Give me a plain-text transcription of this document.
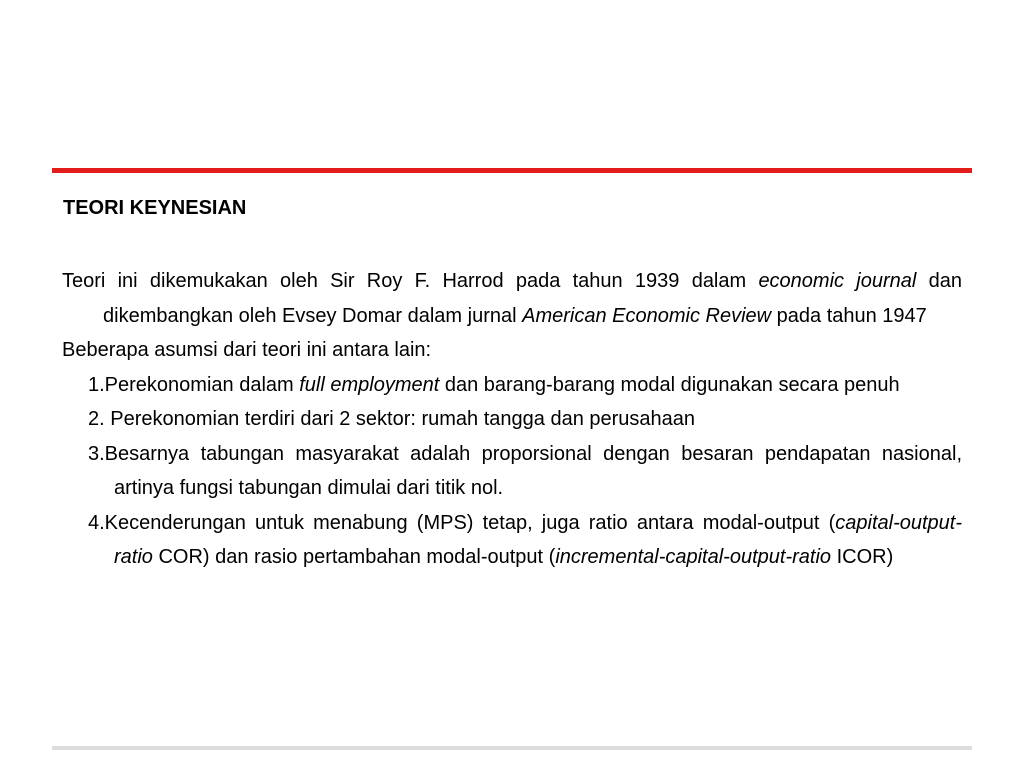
TEORI KEYNESIAN

Teori ini dikemukakan oleh Sir Roy F. Harrod pada tahun 1939 dalam economic journal dan dikembangkan oleh Evsey Domar dalam jurnal American Economic Review pada tahun 1947

Beberapa asumsi dari teori ini antara lain:

1.Perekonomian dalam full employment dan barang-barang modal digunakan secara penuh

2. Perekonomian terdiri dari 2 sektor: rumah tangga dan perusahaan

3.Besarnya tabungan masyarakat adalah proporsional dengan besaran pendapatan nasional, artinya fungsi tabungan dimulai dari titik nol.

4.Kecenderungan untuk menabung (MPS) tetap, juga ratio antara modal-output (capital-output-ratio COR) dan rasio pertambahan modal-output (incremental-capital-output-ratio ICOR)
